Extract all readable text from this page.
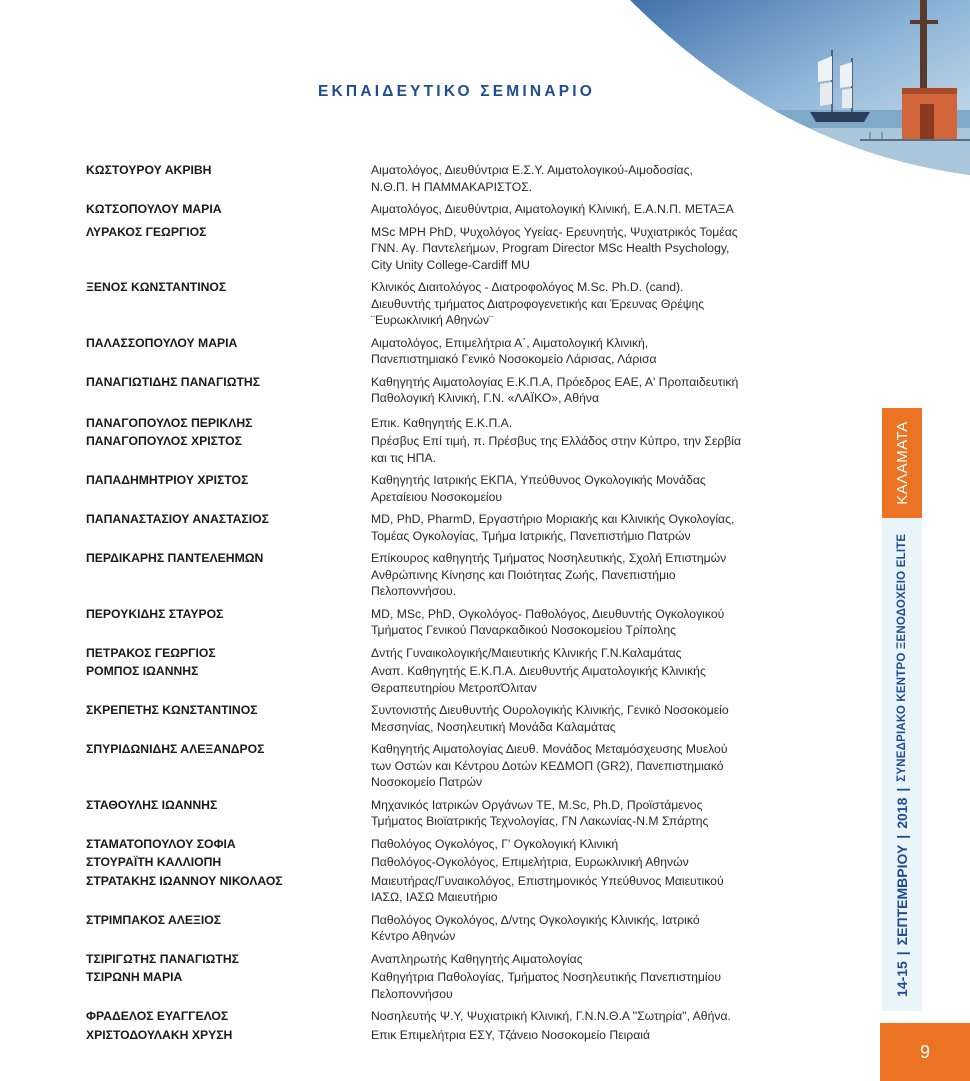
ΕΚΠΑΙΔΕΥΤΙΚΟ ΣΕΜΙΝΑΡΙΟ
ΚΩΣΤΟΥΡΟΥ ΑΚΡΙΒΗ	Αιματολόγος, Διευθύντρια Ε.Σ.Υ. Αιματολογικού-Αιμοδοσίας,
Ν.Θ.Π. Η ΠΑΜΜΑΚΑΡΙΣΤΟΣ.
ΚΩΤΣΟΠΟΥΛΟΥ ΜΑΡΙΑ	Αιματολόγος, Διευθύντρια, Αιματολογική Κλινική, Ε.Α.Ν.Π. ΜΕΤΑΞΑ
ΛΥΡΑΚΟΣ ΓΕΩΡΓΙΟΣ	MSc MPH PhD, Ψυχολόγος Υγείας- Ερευνητής, Ψυχιατρικός Τομέας
ΓΝΝ. Αγ. Παντελεήμων, Program Director MSc Health Psychology,
City Unity College-Cardiff MU
ΞΕΝΟΣ ΚΩΝΣΤΑΝΤΙΝΟΣ	Κλινικός Διαιτολόγος - Διατροφολόγος M.Sc. Ph.D. (cand).
Διευθυντής τμήματος Διατροφογενετικής και Έρευνας Θρέψης
¨Ευρωκλινική Αθηνών¨
ΠΑΛΑΣΣΟΠΟΥΛΟΥ ΜΑΡΙΑ	Αιματολόγος, Επιμελήτρια Α΄, Αιματολογική Κλινική,
Πανεπιστημιακό Γενικό Νοσοκομείο Λάρισας, Λάρισα
ΠΑΝΑΓΙΩΤΙΔΗΣ ΠΑΝΑΓΙΩΤΗΣ	Καθηγητής Αιματολογίας Ε.Κ.Π.Α, Πρόεδρος ΕΑΕ, Α' Προπαιδευτική
Παθολογική Κλινική, Γ.Ν. «ΛΑΪΚΟ», Αθήνα
ΠΑΝΑΓΟΠΟΥΛΟΣ ΠΕΡΙΚΛΗΣ	Επικ. Καθηγητής Ε.Κ.Π.Α.
ΠΑΝΑΓΟΠΟΥΛΟΣ ΧΡΙΣΤΟΣ	Πρέσβυς Επί τιμή, π. Πρέσβυς της Ελλάδος στην Κύπρο, την Σερβία
και τις ΗΠΑ.
ΠΑΠΑΔΗΜΗΤΡΙΟΥ ΧΡΙΣΤΟΣ	Καθηγητής Ιατρικής ΕΚΠΑ, Υπεύθυνος Ογκολογικής Μονάδας
Αρεταίειου Νοσοκομείου
ΠΑΠΑΝΑΣΤΑΣΙΟΥ ΑΝΑΣΤΑΣΙΟΣ	MD, PhD, PharmD, Εργαστήριο Μοριακής και Κλινικής Ογκολογίας,
Τομέας Ογκολογίας, Τμήμα Ιατρικής, Πανεπιστήμιο Πατρών
ΠΕΡΔΙΚΑΡΗΣ ΠΑΝΤΕΛΕΗΜΩΝ	Επίκουρος καθηγητής Τμήματος Νοσηλευτικής, Σχολή Επιστημών
Ανθρώπινης Κίνησης και Ποιότητας Ζωής, Πανεπιστήμιο
Πελοποννήσου.
ΠΕΡΟΥΚΙΔΗΣ ΣΤΑΥΡΟΣ	MD, MSc, PhD, Ογκολόγος- Παθολόγος, Διευθυντής Ογκολογικού
Τμήματος Γενικού Παναρκαδικού Νοσοκομείου Τρίπολης
ΠΕΤΡΑΚΟΣ ΓΕΩΡΓΙΟΣ	Δντής Γυναικολογικής/Μαιευτικής Κλινικής Γ.Ν.Καλαμάτας
ΡΟΜΠΟΣ ΙΩΑΝΝΗΣ	Αναπ. Καθηγητής Ε.Κ.Π.Α. Διευθυντής Αιματολογικής Κλινικής
Θεραπευτηρίου ΜετροπΌλιταν
ΣΚΡΕΠΕΤΗΣ ΚΩΝΣΤΑΝΤΙΝΟΣ	Συντονιστής Διευθυντής Ουρολογικής Κλινικής, Γενικό Νοσοκομείο
Μεσσηνίας, Νοσηλευτική Μονάδα Καλαμάτας
ΣΠΥΡΙΔΩΝΙΔΗΣ ΑΛΕΞΑΝΔΡΟΣ	Καθηγητής Αιματολογίας Διευθ. Μονάδος Μεταμόσχευσης Μυελού
των Οστών και Κέντρου Δοτών ΚΕΔΜΟΠ (GR2), Πανεπιστημιακό
Νοσοκομείο Πατρών
ΣΤΑΘΟΥΛΗΣ ΙΩΑΝΝΗΣ	Μηχανικός Ιατρικών Οργάνων ΤΕ, M.Sc, Ph.D, Προϊστάμενος
Τμήματος Βιοϊατρικής Τεχνολογίας, ΓΝ Λακωνίας-Ν.Μ Σπάρτης
ΣΤΑΜΑΤΟΠΟΥΛΟΥ ΣΟΦΙΑ	Παθολόγος Ογκολόγος, Γ' Ογκολογική Κλινική
ΣΤΟΥΡΑΪΤΗ ΚΑΛΛΙΟΠΗ	Παθολόγος-Ογκολόγος, Επιμελήτρια, Ευρωκλινική Αθηνών
ΣΤΡΑΤΑΚΗΣ ΙΩΑΝΝΟΥ ΝΙΚΟΛΑΟΣ	Μαιευτήρας/Γυναικολόγος, Επιστημονικός Υπεύθυνος Μαιευτικού
ΙΑΣΩ, ΙΑΣΩ Μαιευτήριο
ΣΤΡΙΜΠΑΚΟΣ ΑΛΕΞΙΟΣ	Παθολόγος Ογκολόγος, Δ/ντης Ογκολογικής Κλινικής, Ιατρικό
Κέντρο Αθηνών
ΤΣΙΡΙΓΩΤΗΣ ΠΑΝΑΓΙΩΤΗΣ	Αναπληρωτής Καθηγητής Αιματολογίας
ΤΣΙΡΩΝΗ ΜΑΡΙΑ	Καθηγήτρια Παθολογίας, Τμήματος Νοσηλευτικής Πανεπιστημίου
Πελοποννήσου
ΦΡΑΔΕΛΟΣ ΕΥΑΓΓΕΛΟΣ	Νοσηλευτής Ψ.Υ, Ψυχιατρική Κλινική, Γ.Ν.Ν.Θ.Α "Σωτηρία", Αθήνα.
ΧΡΙΣΤΟΔΟΥΛΑΚΗ ΧΡΥΣΗ	Επικ Επιμελήτρια ΕΣΥ, Τζάνειο Νοσοκομείο Πειραιά
14-15
|
ΣΕΠΤΕΜΒΡΙΟΥ
|
2018
|
ΣΥΝΕΔΡΙΑΚΟ ΚΕΝΤΡΟ ΞΕΝΟΔΟΧΕΙΟ ELITE
ΚΑΛΑΜΑΤΑ
9
